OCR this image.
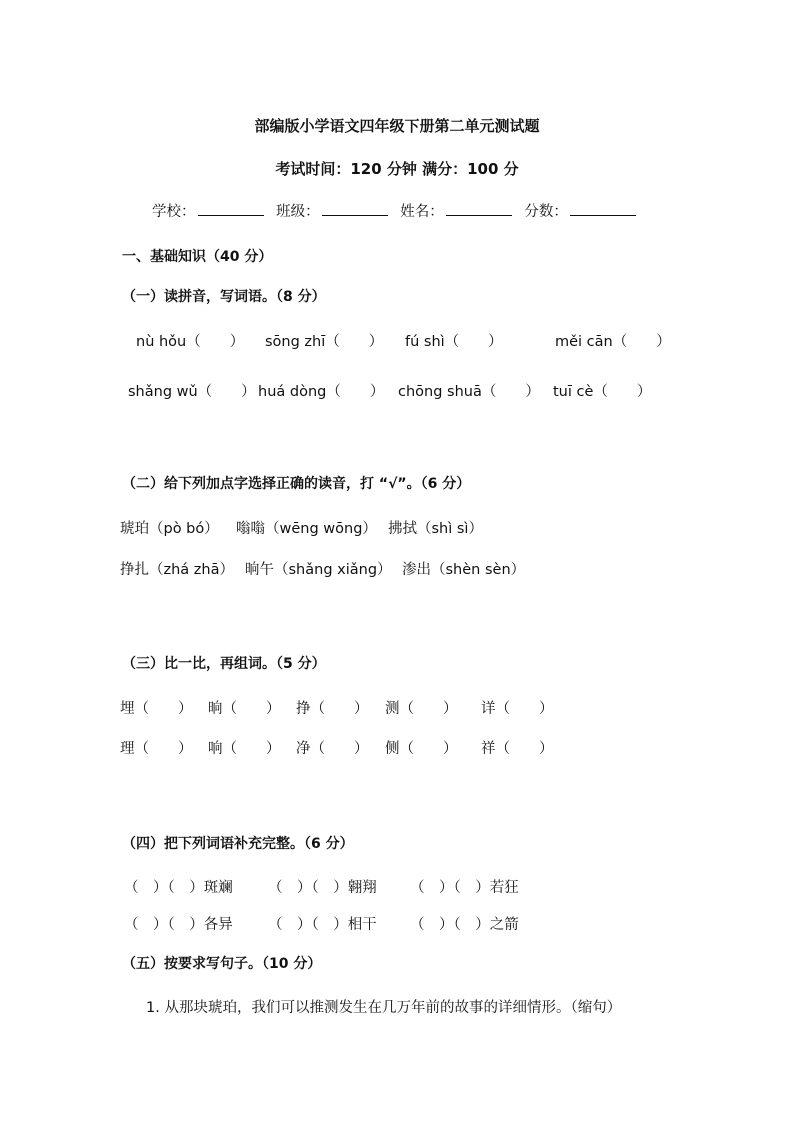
部编版小学语文四年级下册第二单元测试题
考试时间：120 分钟 满分：100 分
学校：	班级：	姓名：	分数：
一、基础知识（40 分）
（一）读拼音，写词语。（8 分）
nù hǒu（　　） sōng zhī（　　） fú shì（　　）	měi cān（　　）
shǎng wǔ（　　） huá dòng（　　） chōng shuā（　　） tuī cè（　　）
（二）给下列加点字选择正确的读音，打 “√”。（6 分）
琥珀（pò bó） 嗡嗡（wēng wōng） 拂拭（shì sì）
挣扎（zhá zhā） 晌午（shǎng xiǎng） 渗出（shèn sèn）
（三）比一比，再组词。（5 分）
埋（　　） 晌（　　） 挣（　　） 测（　　） 详（　　）
理（　　） 响（　　） 净（　　） 侧（　　） 祥（　　）
（四）把下列词语补充完整。（6 分）
（　）（　）斑斓 （　）（　）翱翔 （　）（　）若狂
（　）（　）各异 （　）（　）相干 （　）（　）之箭
（五）按要求写句子。（10 分）
1. 从那块琥珀，我们可以推测发生在几万年前的故事的详细情形。（缩句）
